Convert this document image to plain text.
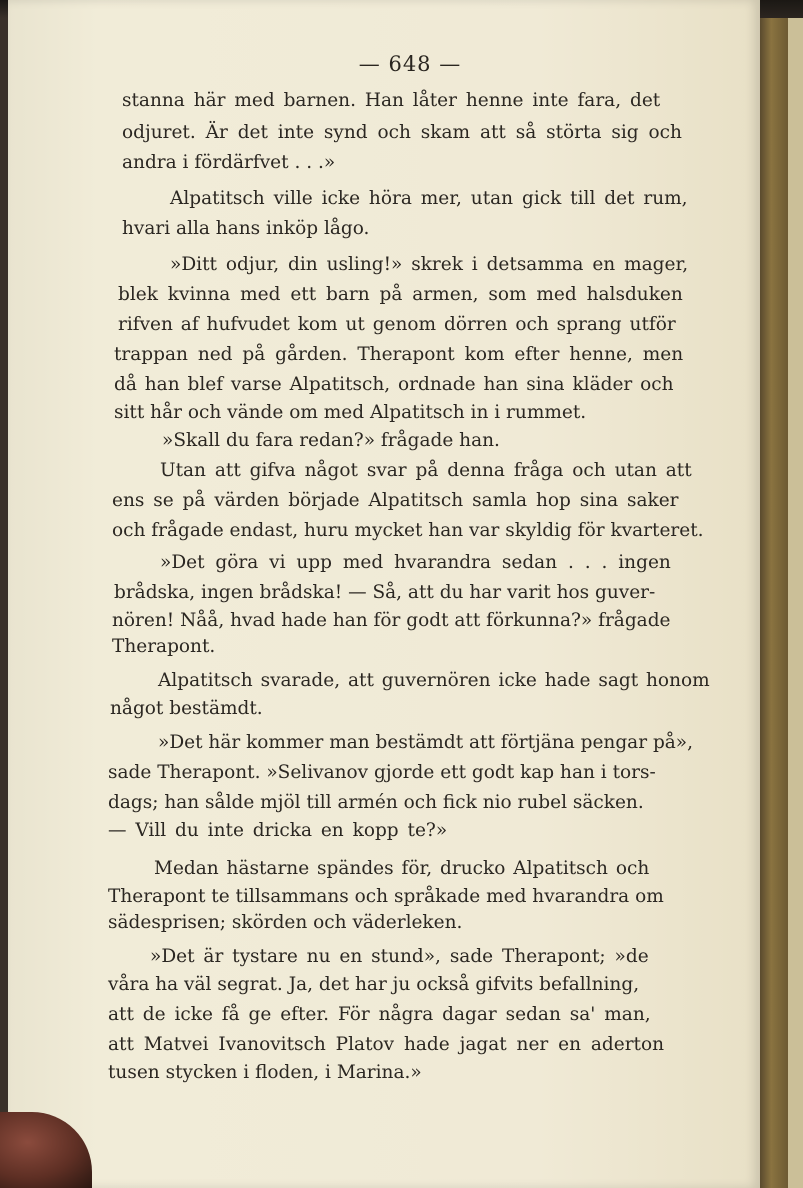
— 648 —
stanna här med barnen. Han låter henne inte fara, det
odjuret. Är det inte synd och skam att så störta sig och
andra i fördärfvet . . .»
Alpatitsch ville icke höra mer, utan gick till det rum,
hvari alla hans inköp lågo.
»Ditt odjur, din usling!» skrek i detsamma en mager,
blek kvinna med ett barn på armen, som med halsduken
rifven af hufvudet kom ut genom dörren och sprang utför
trappan ned på gården. Therapont kom efter henne, men
då han blef varse Alpatitsch, ordnade han sina kläder och
sitt hår och vände om med Alpatitsch in i rummet.
»Skall du fara redan?» frågade han.
Utan att gifva något svar på denna fråga och utan att
ens se på värden började Alpatitsch samla hop sina saker
och frågade endast, huru mycket han var skyldig för kvarteret.
»Det göra vi upp med hvarandra sedan . . . ingen
brådska, ingen brådska! — Så, att du har varit hos guver-
nören! Nåå, hvad hade han för godt att förkunna?» frågade
Therapont.
Alpatitsch svarade, att guvernören icke hade sagt honom
något bestämdt.
»Det här kommer man bestämdt att förtjäna pengar på»,
sade Therapont. »Selivanov gjorde ett godt kap han i tors-
dags; han sålde mjöl till armén och fick nio rubel säcken.
— Vill du inte dricka en kopp te?»
Medan hästarne spändes för, drucko Alpatitsch och
Therapont te tillsammans och språkade med hvarandra om
sädesprisen; skörden och väderleken.
»Det är tystare nu en stund», sade Therapont; »de
våra ha väl segrat. Ja, det har ju också gifvits befallning,
att de icke få ge efter. För några dagar sedan sa' man,
att Matvei Ivanovitsch Platov hade jagat ner en aderton
tusen stycken i floden, i Marina.»
